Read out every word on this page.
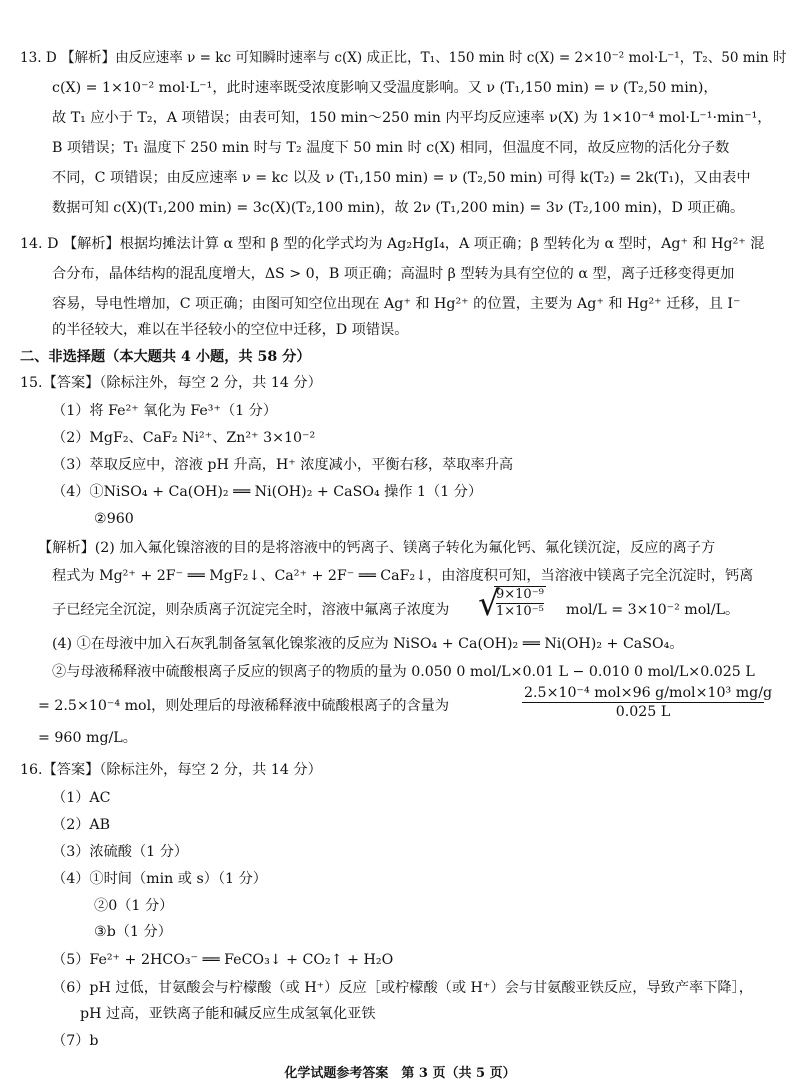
13. D 【解析】由反应速率 ν = kc 可知瞬时速率与 c(X) 成正比，T₁、150 min 时 c(X) = 2×10⁻² mol·L⁻¹，T₂、50 min 时
c(X) = 1×10⁻² mol·L⁻¹，此时速率既受浓度影响又受温度影响。又 ν (T₁,150 min) = ν (T₂,50 min)，
故 T₁ 应小于 T₂，A 项错误；由表可知，150 min～250 min 内平均反应速率 ν(X) 为 1×10⁻⁴ mol·L⁻¹·min⁻¹，
B 项错误；T₁ 温度下 250 min 时与 T₂ 温度下 50 min 时 c(X) 相同，但温度不同，故反应物的活化分子数
不同，C 项错误；由反应速率 ν = kc 以及 ν (T₁,150 min) = ν (T₂,50 min) 可得 k(T₂) = 2k(T₁)，又由表中
数据可知 c(X)(T₁,200 min) = 3c(X)(T₂,100 min)，故 2ν (T₁,200 min) = 3ν (T₂,100 min)，D 项正确。
14. D 【解析】根据均摊法计算 α 型和 β 型的化学式均为 Ag₂HgI₄，A 项正确；β 型转化为 α 型时，Ag⁺ 和 Hg²⁺ 混
合分布，晶体结构的混乱度增大，ΔS > 0，B 项正确；高温时 β 型转为具有空位的 α 型，离子迁移变得更加
容易，导电性增加，C 项正确；由图可知空位出现在 Ag⁺ 和 Hg²⁺ 的位置，主要为 Ag⁺ 和 Hg²⁺ 迁移，且 I⁻
的半径较大，难以在半径较小的空位中迁移，D 项错误。
二、非选择题（本大题共 4 小题，共 58 分）
15.【答案】（除标注外，每空 2 分，共 14 分）
（1）将 Fe²⁺ 氧化为 Fe³⁺（1 分）
（2）MgF₂、CaF₂ Ni²⁺、Zn²⁺ 3×10⁻²
（3）萃取反应中，溶液 pH 升高，H⁺ 浓度减小，平衡右移，萃取率升高
（4）①NiSO₄ + Ca(OH)₂ ══ Ni(OH)₂ + CaSO₄ 操作 1（1 分）
②960
【解析】(2) 加入氟化镍溶液的目的是将溶液中的钙离子、镁离子转化为氟化钙、氟化镁沉淀，反应的离子方
程式为 Mg²⁺ + 2F⁻ ══ MgF₂↓、Ca²⁺ + 2F⁻ ══ CaF₂↓，由溶度积可知，当溶液中镁离子完全沉淀时，钙离
子已经完全沉淀，则杂质离子沉淀完全时，溶液中氟离子浓度为 √
$\frac{\text{9×10⁻⁹}}{\text{1×10⁻⁵}} mol/L = 3\times 10^{-2}$ mol/L。
(4) ①在母液中加入石灰乳制备氢氧化镍浆液的反应为 NiSO₄ + Ca(OH)₂ ══ Ni(OH)₂ + CaSO₄。
②与母液稀释液中硫酸根离子反应的钡离子的物质的量为 0.050 0 mol/L×0.01 L − 0.010 0 mol/L×0.025 L
= 2.5×10⁻⁴ mol，则处理后的母液稀释液中硫酸根离子的含量为
2.5×10⁻⁴ mol×96 g/mol×10³ mg/g
0.025 L
= 960 mg/L。
16.【答案】（除标注外，每空 2 分，共 14 分）
（1）AC
（2）AB
（3）浓硫酸（1 分）
（4）①时间（min 或 s）（1 分）
②0（1 分）
③b（1 分）
（5）Fe²⁺ + 2HCO₃⁻ ══ FeCO₃↓ + CO₂↑ + H₂O
（6）pH 过低，甘氨酸会与柠檬酸（或 H⁺）反应［或柠檬酸（或 H⁺）会与甘氨酸亚铁反应，导致产率下降］，
pH 过高，亚铁离子能和碱反应生成氢氧化亚铁
（7）b
化学试题参考答案　第 3 页（共 5 页）
